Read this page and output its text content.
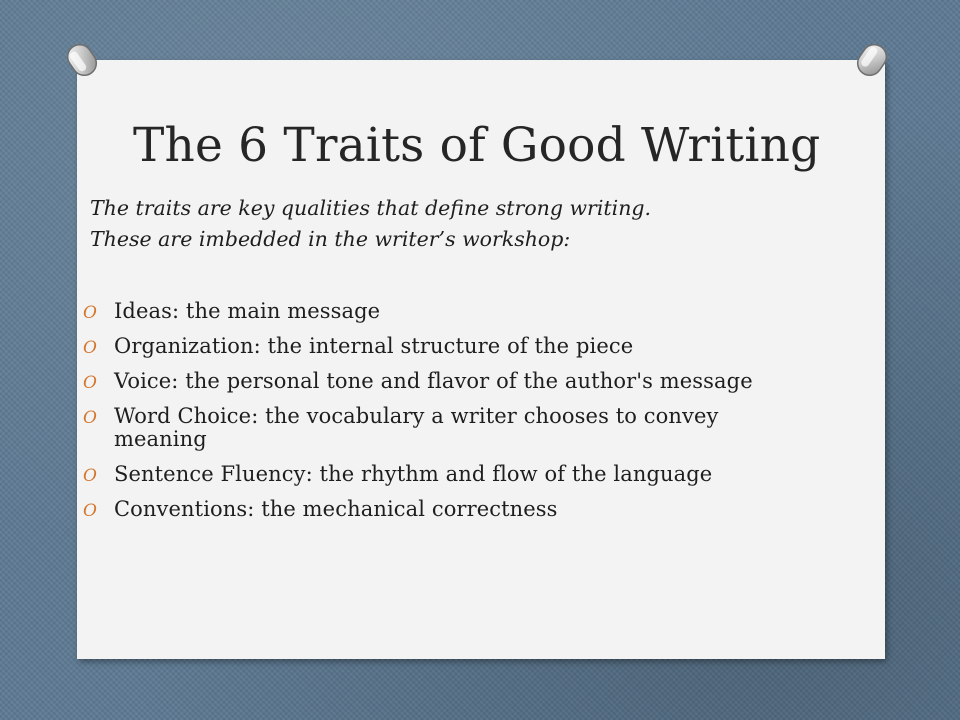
The 6 Traits of Good Writing
The traits are key qualities that define strong writing.
These are imbedded in the writer’s workshop:
O Ideas: the main message
O Organization: the internal structure of the piece
O Voice: the personal tone and flavor of the author's message
O Word Choice: the vocabulary a writer chooses to convey
meaning
O Sentence Fluency: the rhythm and flow of the language
O Conventions: the mechanical correctness
